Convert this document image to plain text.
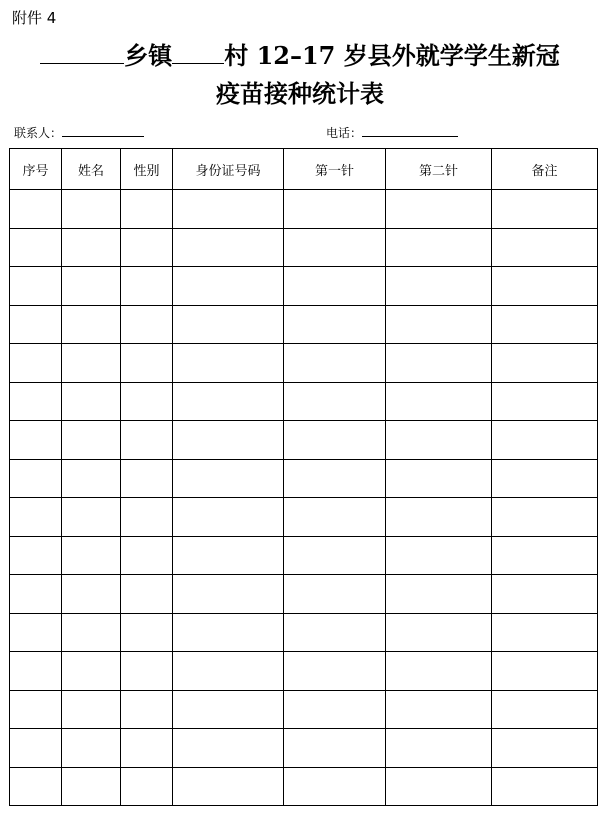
附件 4
乡镇 村 12–17 岁县外就学学生新冠
疫苗接种统计表
联系人：	电话：
序号	姓名	性别	身份证号码	第一针	第二针	备注
